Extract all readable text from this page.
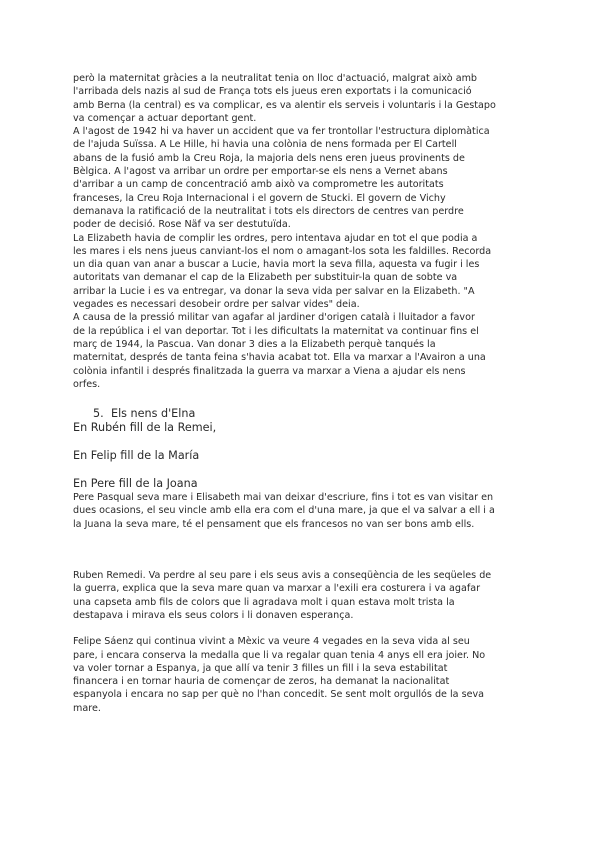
però la maternitat gràcies a la neutralitat tenia on lloc d'actuació, malgrat això amb
l'arribada dels nazis al sud de França tots els jueus eren exportats i la comunicació
amb Berna (la central) es va complicar, es va alentir els serveis i voluntaris i la Gestapo
va començar a actuar deportant gent.

A l'agost de 1942 hi va haver un accident que va fer trontollar l'estructura diplomàtica
de l'ajuda Suïssa. A Le Hille, hi havia una colònia de nens formada per El Cartell
abans de la fusió amb la Creu Roja, la majoria dels nens eren jueus provinents de
Bèlgica. A l'agost va arribar un ordre per emportar-se els nens a Vernet abans
d'arribar a un camp de concentració amb això va comprometre les autoritats
franceses, la Creu Roja Internacional i el govern de Stucki. El govern de Vichy
demanava la ratificació de la neutralitat i tots els directors de centres van perdre
poder de decisió. Rose Näf va ser destutuïda.

La Elizabeth havia de complir les ordres, pero intentava ajudar en tot el que podia a
les mares i els nens jueus canviant-los el nom o amagant-los sota les faldilles. Recorda
un dia quan van anar a buscar a Lucie, havia mort la seva filla, aquesta va fugir i les
autoritats van demanar el cap de la Elizabeth per substituir-la quan de sobte va
arribar la Lucie i es va entregar, va donar la seva vida per salvar en la Elizabeth. "A
vegades es necessari desobeir ordre per salvar vides" deia.

A causa de la pressió militar van agafar al jardiner d'origen català i lluitador a favor
de la república i el van deportar. Tot i les dificultats la maternitat va continuar fins el
març de 1944, la Pascua. Van donar 3 dies a la Elizabeth perquè tanqués la
maternitat, després de tanta feina s'havia acabat tot. Ella va marxar a l'Avairon a una
colònia infantil i després finalitzada la guerra va marxar a Viena a ajudar els nens
orfes.

5. Els nens d'Elna

En Rubén fill de la Remei,

En Felip fill de la María

En Pere fill de la Joana

Pere Pasqual seva mare i Elisabeth mai van deixar d'escriure, fins i tot es van visitar en
dues ocasions, el seu vincle amb ella era com el d'una mare, ja que el va salvar a ell i a
la Juana la seva mare, té el pensament que els francesos no van ser bons amb ells.

Ruben Remedi. Va perdre al seu pare i els seus avis a conseqüència de les seqüeles de
la guerra, explica que la seva mare quan va marxar a l'exili era costurera i va agafar
una capseta amb fils de colors que li agradava molt i quan estava molt trista la
destapava i mirava els seus colors i li donaven esperança.

Felipe Sáenz qui continua vivint a Mèxic va veure 4 vegades en la seva vida al seu
pare, i encara conserva la medalla que li va regalar quan tenia 4 anys ell era joier. No
va voler tornar a Espanya, ja que allí va tenir 3 filles un fill i la seva estabilitat
financera i en tornar hauria de començar de zeros, ha demanat la nacionalitat
espanyola i encara no sap per què no l'han concedit. Se sent molt orgullós de la seva
mare.
